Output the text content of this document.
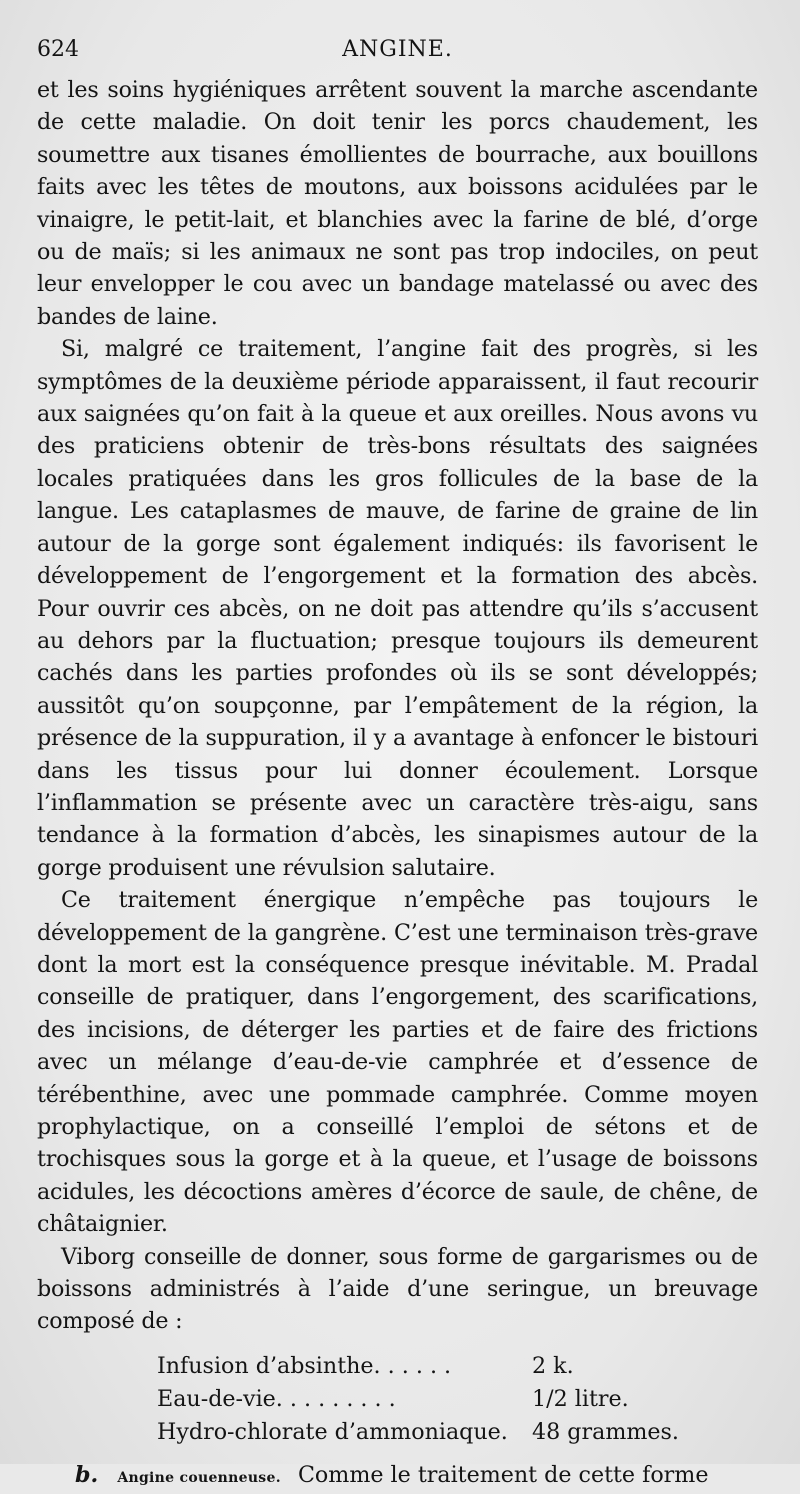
624	ANGINE.

et les soins hygiéniques arrêtent souvent la marche ascendante de cette maladie. On doit tenir les porcs chaudement, les soumettre aux tisanes émollientes de bourrache, aux bouillons faits avec les têtes de moutons, aux boissons acidulées par le vinaigre, le petit-lait, et blanchies avec la farine de blé, d’orge ou de maïs; si les animaux ne sont pas trop indociles, on peut leur envelopper le cou avec un bandage matelassé ou avec des bandes de laine.

Si, malgré ce traitement, l’angine fait des progrès, si les symptômes de la deuxième période apparaissent, il faut recourir aux saignées qu’on fait à la queue et aux oreilles. Nous avons vu des praticiens obtenir de très-bons résultats des saignées locales pratiquées dans les gros follicules de la base de la langue. Les cataplasmes de mauve, de farine de graine de lin autour de la gorge sont également indiqués: ils favorisent le développement de l’engorgement et la formation des abcès. Pour ouvrir ces abcès, on ne doit pas attendre qu’ils s’accusent au dehors par la fluctuation; presque toujours ils demeurent cachés dans les parties profondes où ils se sont développés; aussitôt qu’on soupçonne, par l’empâtement de la région, la présence de la suppuration, il y a avantage à enfoncer le bistouri dans les tissus pour lui donner écoulement. Lorsque l’inflammation se présente avec un caractère très-aigu, sans tendance à la formation d’abcès, les sinapismes autour de la gorge produisent une révulsion salutaire.

Ce traitement énergique n’empêche pas toujours le développement de la gangrène. C’est une terminaison très-grave dont la mort est la conséquence presque inévitable. M. Pradal conseille de pratiquer, dans l’engorgement, des scarifications, des incisions, de déterger les parties et de faire des frictions avec un mélange d’eau-de-vie camphrée et d’essence de térébenthine, avec une pommade camphrée. Comme moyen prophylactique, on a conseillé l’emploi de sétons et de trochisques sous la gorge et à la queue, et l’usage de boissons acidules, les décoctions amères d’écorce de saule, de chêne, de châtaignier.

Viborg conseille de donner, sous forme de gargarismes ou de boissons administrés à l’aide d’une seringue, un breuvage composé de :

Infusion d’absinthe. . . . . .	2 k.
Eau-de-vie. . . . . . . . .	1/2 litre.
Hydro-chlorate d’ammoniaque.	48 grammes.
b. Angine couenneuse. Comme le traitement de cette forme
